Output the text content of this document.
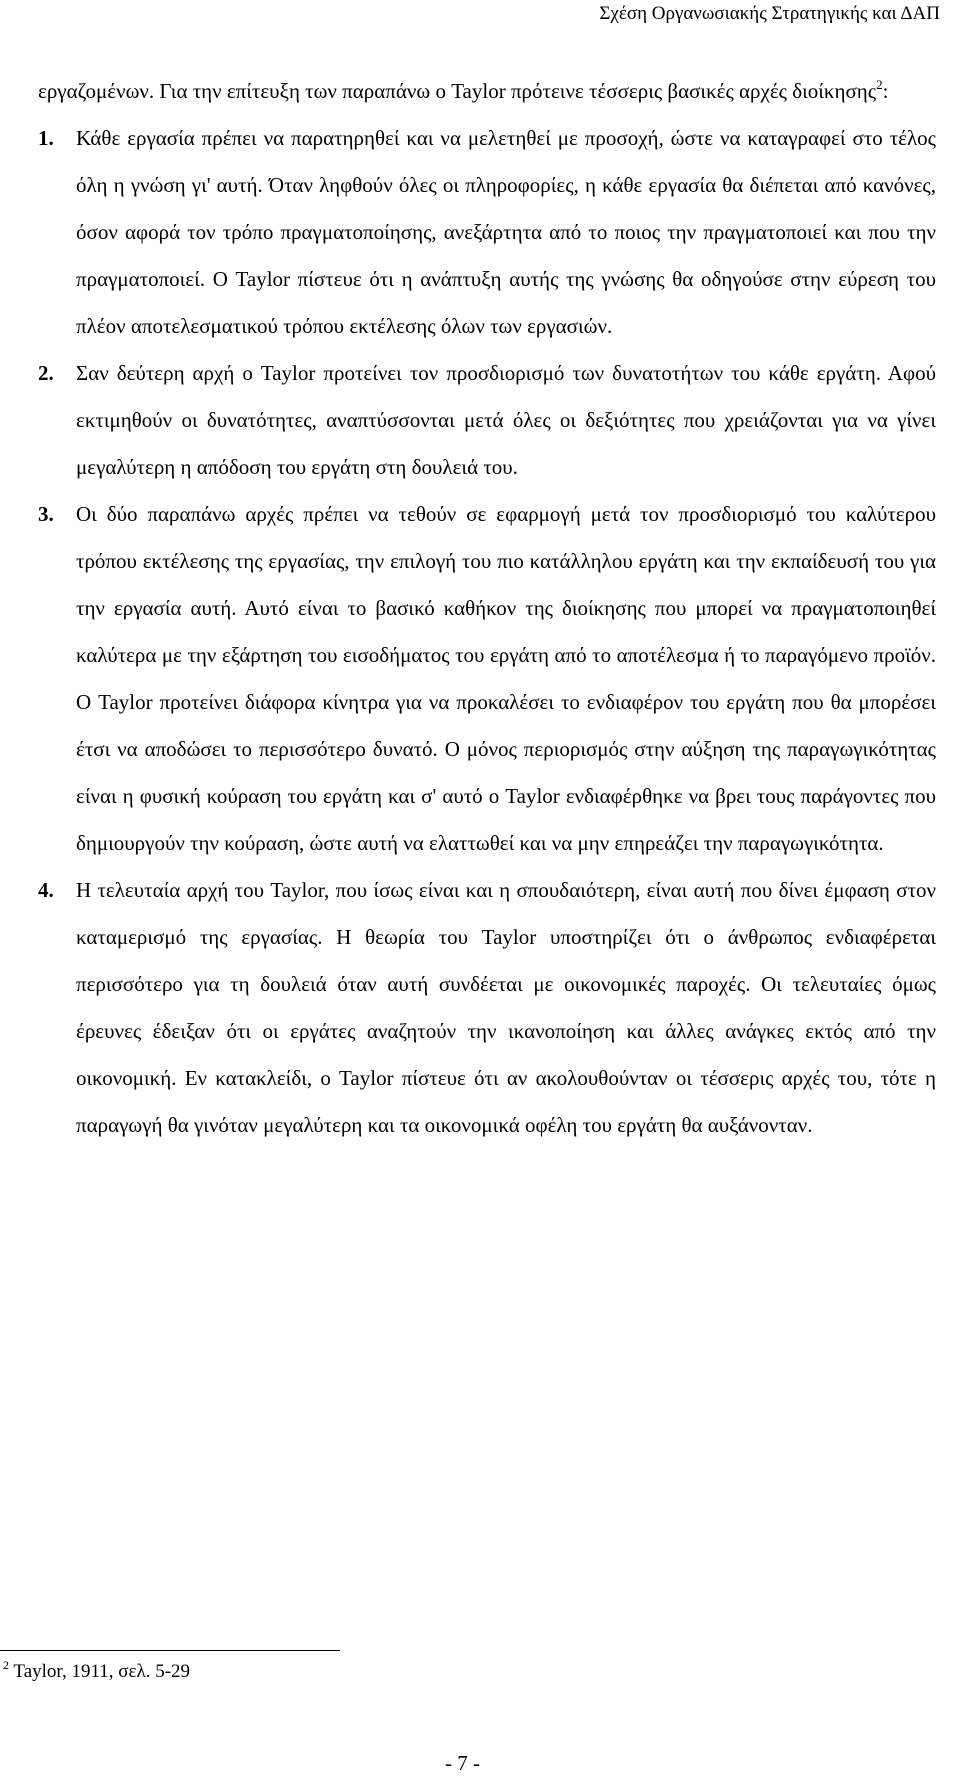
Σχέση Οργανωσιακής Στρατηγικής και ΔΑΠ

εργαζομένων. Για την επίτευξη των παραπάνω ο Taylor πρότεινε τέσσερις βασικές αρχές διοίκησης$^2$:

1. Κάθε εργασία πρέπει να παρατηρηθεί και να μελετηθεί με προσοχή, ώστε να καταγραφεί στο τέλος όλη η γνώση γι' αυτή. Όταν ληφθούν όλες οι πληροφορίες, η κάθε εργασία θα διέπεται από κανόνες, όσον αφορά τον τρόπο πραγματοποίησης, ανεξάρτητα από το ποιος την πραγματοποιεί και που την πραγματοποιεί. Ο Taylor πίστευε ότι η ανάπτυξη αυτής της γνώσης θα οδηγούσε στην εύρεση του πλέον αποτελεσματικού τρόπου εκτέλεσης όλων των εργασιών.
2. Σαν δεύτερη αρχή ο Taylor προτείνει τον προσδιορισμό των δυνατοτήτων του κάθε εργάτη. Αφού εκτιμηθούν οι δυνατότητες, αναπτύσσονται μετά όλες οι δεξιότητες που χρειάζονται για να γίνει μεγαλύτερη η απόδοση του εργάτη στη δουλειά του.
3. Οι δύο παραπάνω αρχές πρέπει να τεθούν σε εφαρμογή μετά τον προσδιορισμό του καλύτερου τρόπου εκτέλεσης της εργασίας, την επιλογή του πιο κατάλληλου εργάτη και την εκπαίδευσή του για την εργασία αυτή. Αυτό είναι το βασικό καθήκον της διοίκησης που μπορεί να πραγματοποιηθεί καλύτερα με την εξάρτηση του εισοδήματος του εργάτη από το αποτέλεσμα ή το παραγόμενο προϊόν. Ο Taylor προτείνει διάφορα κίνητρα για να προκαλέσει το ενδιαφέρον του εργάτη που θα μπορέσει έτσι να αποδώσει το περισσότερο δυνατό. Ο μόνος περιορισμός στην αύξηση της παραγωγικότητας είναι η φυσική κούραση του εργάτη και σ' αυτό ο Taylor ενδιαφέρθηκε να βρει τους παράγοντες που δημιουργούν την κούραση, ώστε αυτή να ελαττωθεί και να μην επηρεάζει την παραγωγικότητα.
4. Η τελευταία αρχή του Taylor, που ίσως είναι και η σπουδαιότερη, είναι αυτή που δίνει έμφαση στον καταμερισμό της εργασίας. Η θεωρία του Taylor υποστηρίζει ότι ο άνθρωπος ενδιαφέρεται περισσότερο για τη δουλειά όταν αυτή συνδέεται με οικονομικές παροχές. Οι τελευταίες όμως έρευνες έδειξαν ότι οι εργάτες αναζητούν την ικανοποίηση και άλλες ανάγκες εκτός από την οικονομική. Εν κατακλείδι, ο Taylor πίστευε ότι αν ακολουθούνταν οι τέσσερις αρχές του, τότε η παραγωγή θα γινόταν μεγαλύτερη και τα οικονομικά οφέλη του εργάτη θα αυξάνονταν.
$^2$ Taylor, 1911, σελ. 5-29
- 7 -
